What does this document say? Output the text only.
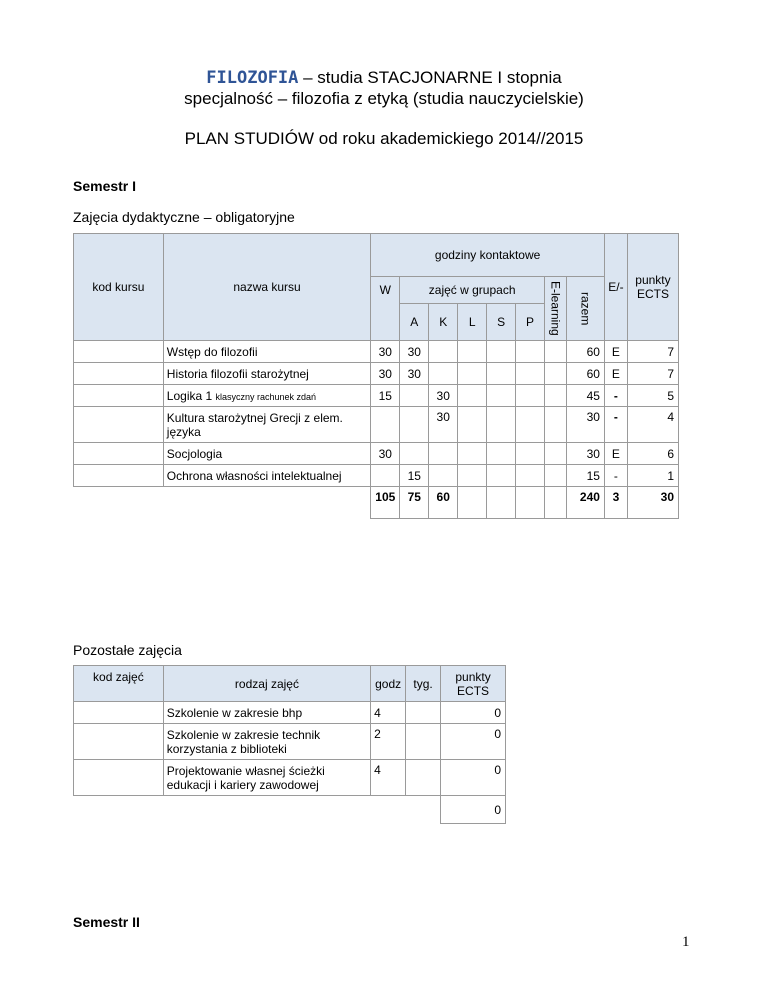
FILOZOFIA – studia STACJONARNE I stopnia
specjalność – filozofia z etyką (studia nauczycielskie)
PLAN STUDIÓW od roku akademickiego 2014//2015
Semestr I
Zajęcia dydaktyczne – obligatoryjne
kod kursu	nazwa kursu	godziny kontaktowe								E/-	punkty ECTS
		W	zajęć w grupach					E-learning	razem		
			A	K	L	S	P				
	Wstęp do filozofii	30	30						60	E	7
	Historia filozofii starożytnej	30	30						60	E	7
	Logika 1 klasyczny rachunek zdań	15		30					45	-	5
	Kultura starożytnej Grecji z elem. języka			30					30	-	4
	Socjologia	30							30	E	6
	Ochrona własności intelektualnej		15						15	-	1
		105	75	60					240	3	30
Pozostałe zajęcia
kod zajęć	rodzaj zajęć	godz	tyg.	punkty ECTS
	Szkolenie w zakresie bhp	4		0
	Szkolenie w zakresie technik korzystania z biblioteki	2		0
	Projektowanie własnej ścieżki edukacji i kariery zawodowej	4		0
				0
Semestr II
1
